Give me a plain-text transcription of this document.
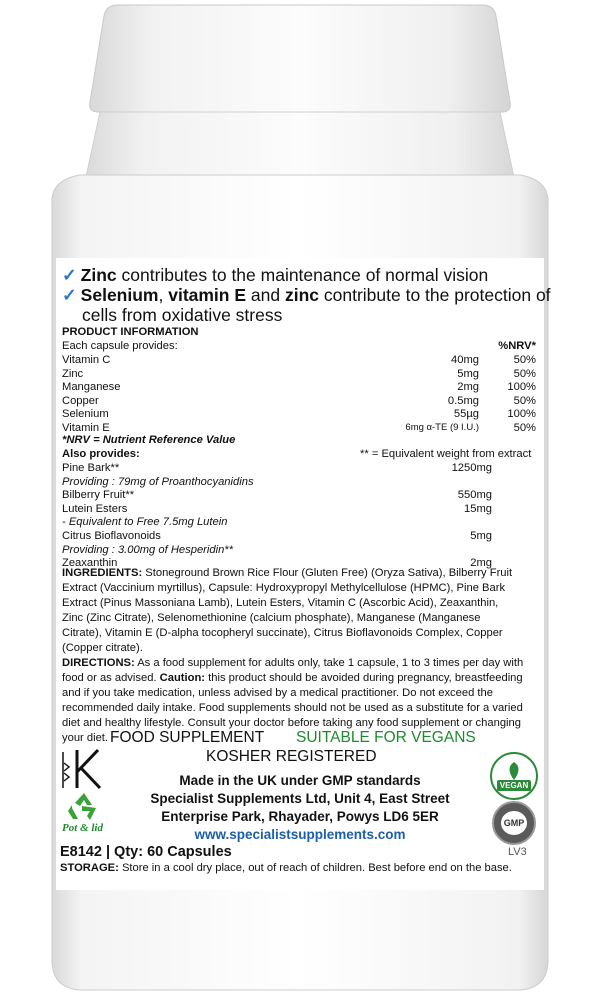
✓ Zinc contributes to the maintenance of normal vision
✓ Selenium, vitamin E and zinc contribute to the protection of
cells from oxidative stress
PRODUCT INFORMATION
Each capsule provides:	%NRV*
Vitamin C	40mg	50%
Zinc	5mg	50%
Manganese	2mg	100%
Copper	0.5mg	50%
Selenium	55µg	100%
Vitamin E	6mg α-TE (9 I.U.)	50%
*NRV = Nutrient Reference Value
Also provides:	** = Equivalent weight from extract
Pine Bark**	1250mg
Providing : 79mg of Proanthocyanidins
Bilberry Fruit**	550mg
Lutein Esters	15mg
- Equivalent to Free 7.5mg Lutein
Citrus Bioflavonoids	5mg
Providing : 3.00mg of Hesperidin**
Zeaxanthin	2mg
INGREDIENTS: Stoneground Brown Rice Flour (Gluten Free) (Oryza Sativa), Bilberry Fruit
Extract (Vaccinium myrtillus), Capsule: Hydroxypropyl Methylcellulose (HPMC), Pine Bark
Extract (Pinus Massoniana Lamb), Lutein Esters, Vitamin C (Ascorbic Acid), Zeaxanthin,
Zinc (Zinc Citrate), Selenomethionine (calcium phosphate), Manganese (Manganese
Citrate), Vitamin E (D-alpha tocopheryl succinate), Citrus Bioflavonoids Complex, Copper
(Copper citrate).
DIRECTIONS: As a food supplement for adults only, take 1 capsule, 1 to 3 times per day with
food or as advised. Caution: this product should be avoided during pregnancy, breastfeeding
and if you take medication, unless advised by a medical practitioner. Do not exceed the
recommended daily intake. Food supplements should not be used as a substitute for a varied
diet and healthy lifestyle. Consult your doctor before taking any food supplement or changing
your diet. FOOD SUPPLEMENT SUITABLE FOR VEGANS
KOSHER REGISTERED
VEGAN
Pot & lid	GMP
Made in the UK under GMP standards
Specialist Supplements Ltd, Unit 4, East Street
Enterprise Park, Rhayader, Powys LD6 5ER
www.specialistsupplements.com
E8142 | Qty: 60 Capsules	LV3
STORAGE: Store in a cool dry place, out of reach of children. Best before end on the base.
